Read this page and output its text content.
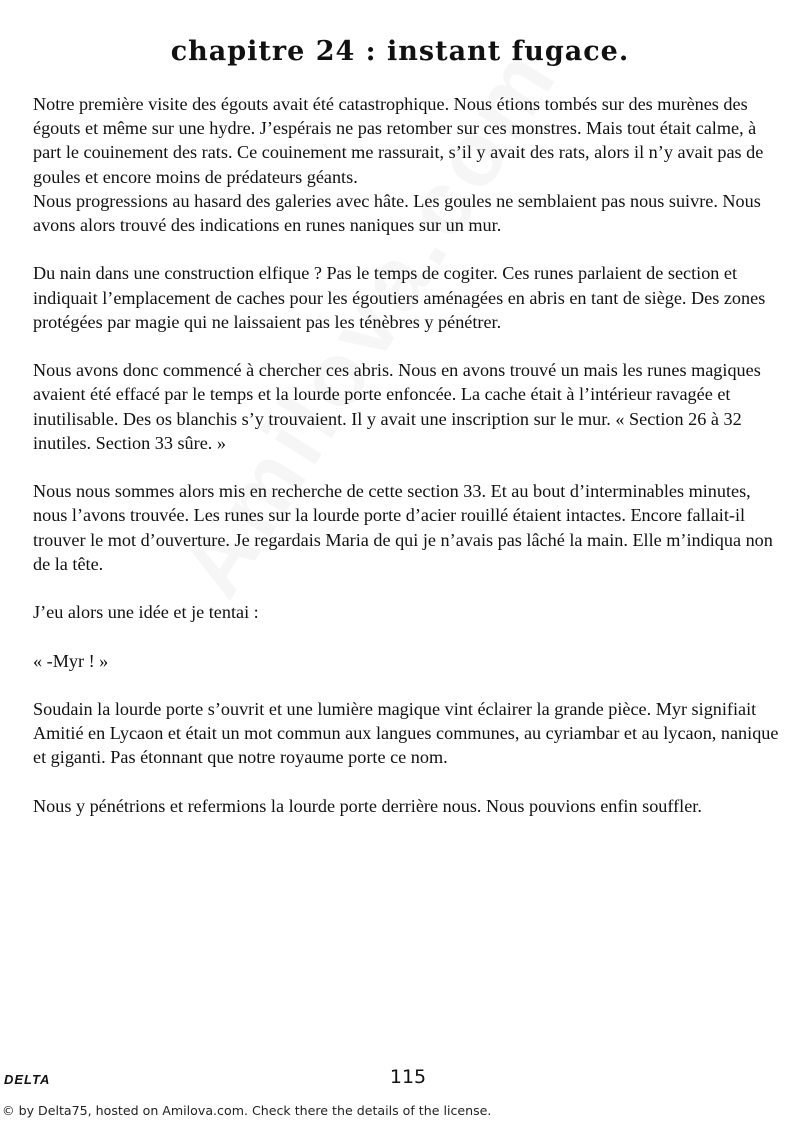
chapitre 24 : instant fugace.

Notre première visite des égouts avait été catastrophique. Nous étions tombés sur des murènes des égouts et même sur une hydre. J’espérais ne pas retomber sur ces monstres. Mais tout était calme, à part le couinement des rats. Ce couinement me rassurait, s’il y avait des rats, alors il n’y avait pas de goules et encore moins de prédateurs géants.

Nous progressions au hasard des galeries avec hâte. Les goules ne semblaient pas nous suivre. Nous avons alors trouvé des indications en runes naniques sur un mur.

Du nain dans une construction elfique ? Pas le temps de cogiter. Ces runes parlaient de section et indiquait l’emplacement de caches pour les égoutiers aménagées en abris en tant de siège. Des zones protégées par magie qui ne laissaient pas les ténèbres y pénétrer.

Nous avons donc commencé à chercher ces abris. Nous en avons trouvé un mais les runes magiques avaient été effacé par le temps et la lourde porte enfoncée. La cache était à l’intérieur ravagée et inutilisable. Des os blanchis s’y trouvaient. Il y avait une inscription sur le mur. « Section 26 à 32 inutiles. Section 33 sûre. »

Nous nous sommes alors mis en recherche de cette section 33. Et au bout d’interminables minutes, nous l’avons trouvée. Les runes sur la lourde porte d’acier rouillé étaient intactes. Encore fallait-il trouver le mot d’ouverture. Je regardais Maria de qui je n’avais pas lâché la main. Elle m’indiqua non de la tête.

J’eu alors une idée et je tentai :

« -Myr ! »

Soudain la lourde porte s’ouvrit et une lumière magique vint éclairer la grande pièce. Myr signifiait Amitié en Lycaon et était un mot commun aux langues communes, au cyriambar et au lycaon, nanique et giganti. Pas étonnant que notre royaume porte ce nom.

Nous y pénétrions et refermions la lourde porte derrière nous. Nous pouvions enfin souffler.

DELTA	115
© by Delta75, hosted on Amilova.com. Check there the details of the license.
